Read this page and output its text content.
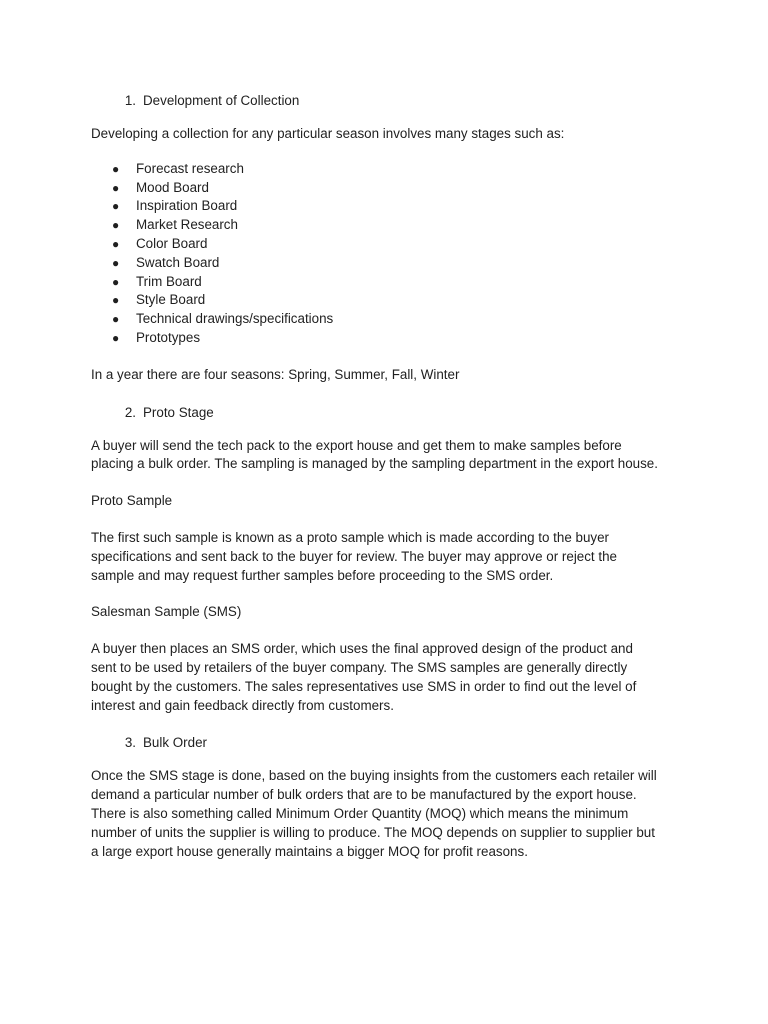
1. Development of Collection

Developing a collection for any particular season involves many stages such as:

●	Forecast research
●	Mood Board
●	Inspiration Board
●	Market Research
●	Color Board
●	Swatch Board
●	Trim Board
●	Style Board
●	Technical drawings/specifications
●	Prototypes

In a year there are four seasons: Spring, Summer, Fall, Winter

2. Proto Stage

A buyer will send the tech pack to the export house and get them to make samples before

placing a bulk order. The sampling is managed by the sampling department in the export house.

Proto Sample

The first such sample is known as a proto sample which is made according to the buyer

specifications and sent back to the buyer for review. The buyer may approve or reject the

sample and may request further samples before proceeding to the SMS order.

Salesman Sample (SMS)

A buyer then places an SMS order, which uses the final approved design of the product and

sent to be used by retailers of the buyer company. The SMS samples are generally directly

bought by the customers. The sales representatives use SMS in order to find out the level of

interest and gain feedback directly from customers.

3. Bulk Order

Once the SMS stage is done, based on the buying insights from the customers each retailer will

demand a particular number of bulk orders that are to be manufactured by the export house.

There is also something called Minimum Order Quantity (MOQ) which means the minimum

number of units the supplier is willing to produce. The MOQ depends on supplier to supplier but

a large export house generally maintains a bigger MOQ for profit reasons.
